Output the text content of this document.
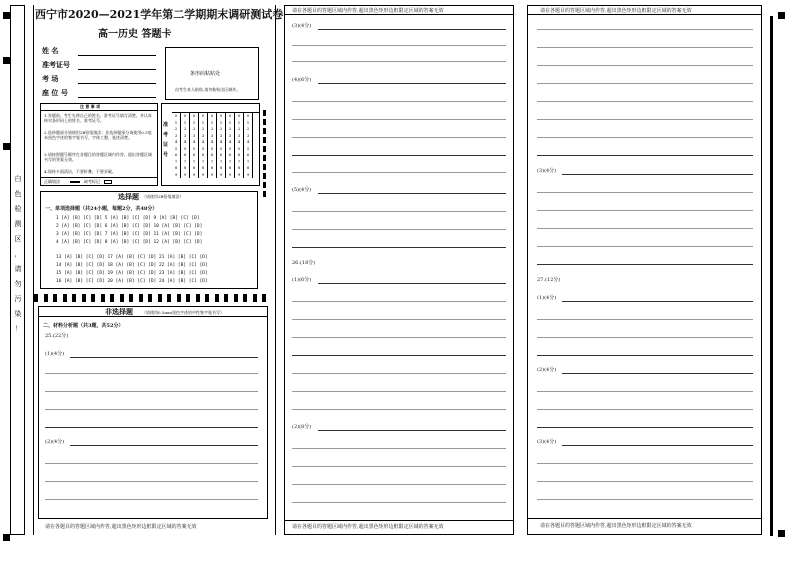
白
色
检
测
区
，
请
勿
污
染
！
西宁市2020—2021学年第二学期期末调研测试卷
高一历史 答题卡
姓 名
准考证号
考 场
座 位 号
条形码粘贴处
由考生本人粘贴,请勿粘贴出区域外。
注 意 事 项
1.答题前，考生先将自己的姓名、准考证号填写清楚，并认真核对条形码上的姓名、准考证号。
2.选择题部分请使用2B铅笔填涂；非选择题部分请使用0.5毫米黑色字迹的签字笔书写，字体工整、笔迹清楚。
3.请按照题号顺序在各题目的答题区域内作答，超出答题区域书写的答案无效。
4.保持卡面清洁，不要折叠、不要弄破。
正确填涂	缺考标记
准考证号
0	0	0	0	0	0	0	0	0
1	1	1	1	1	1	1	1	1
2	2	2	2	2	2	2	2	2
3	3	3	3	3	3	3	3	3
4	4	4	4	4	4	4	4	4
5	5	5	5	5	5	5	5	5
6	6	6	6	6	6	6	6	6
7	7	7	7	7	7	7	7	7
8	8	8	8	8	8	8	8	8
9	9	9	9	9	9	9	9	9
选择题 （请使用2B铅笔填涂）
一、单项选择题（共24小题，每题2分，共48分）
1 [A] [B] [C] [D] 5 [A] [B] [C] [D] 9 [A] [B] [C] [D]
2 [A] [B] [C] [D] 6 [A] [B] [C] [D] 10 [A] [B] [C] [D]
3 [A] [B] [C] [D] 7 [A] [B] [C] [D] 11 [A] [B] [C] [D]
4 [A] [B] [C] [D] 8 [A] [B] [C] [D] 12 [A] [B] [C] [D]
13 [A] [B] [C] [D] 17 [A] [B] [C] [D] 21 [A] [B] [C] [D]
14 [A] [B] [C] [D] 18 [A] [B] [C] [D] 22 [A] [B] [C] [D]
15 [A] [B] [C] [D] 19 [A] [B] [C] [D] 23 [A] [B] [C] [D]
16 [A] [B] [C] [D] 20 [A] [B] [C] [D] 24 [A] [B] [C] [D]
非选择题 （请使用0.5mm黑色字迹的中性签字笔书写）
二、材料分析题（共3题，共52分）
25.(22分)
(1)(4分)
(2)(4分)
请在各题目的答题区域内作答,超出黑色矩形边框限定区域的答案无效
请在各题目的答题区域内作答,超出黑色矩形边框限定区域的答案无效
(3)(4分)
(4)(6分)
(5)(4分)
26.(18分)
(1)(6分)
(2)(8分)
请在各题目的答题区域内作答,超出黑色矩形边框限定区域的答案无效
请在各题目的答题区域内作答,超出黑色矩形边框限定区域的答案无效
(3)(4分)
27.(12分)
(1)(4分)
(2)(4分)
(3)(4分)
请在各题目的答题区域内作答,超出黑色矩形边框限定区域的答案无效
